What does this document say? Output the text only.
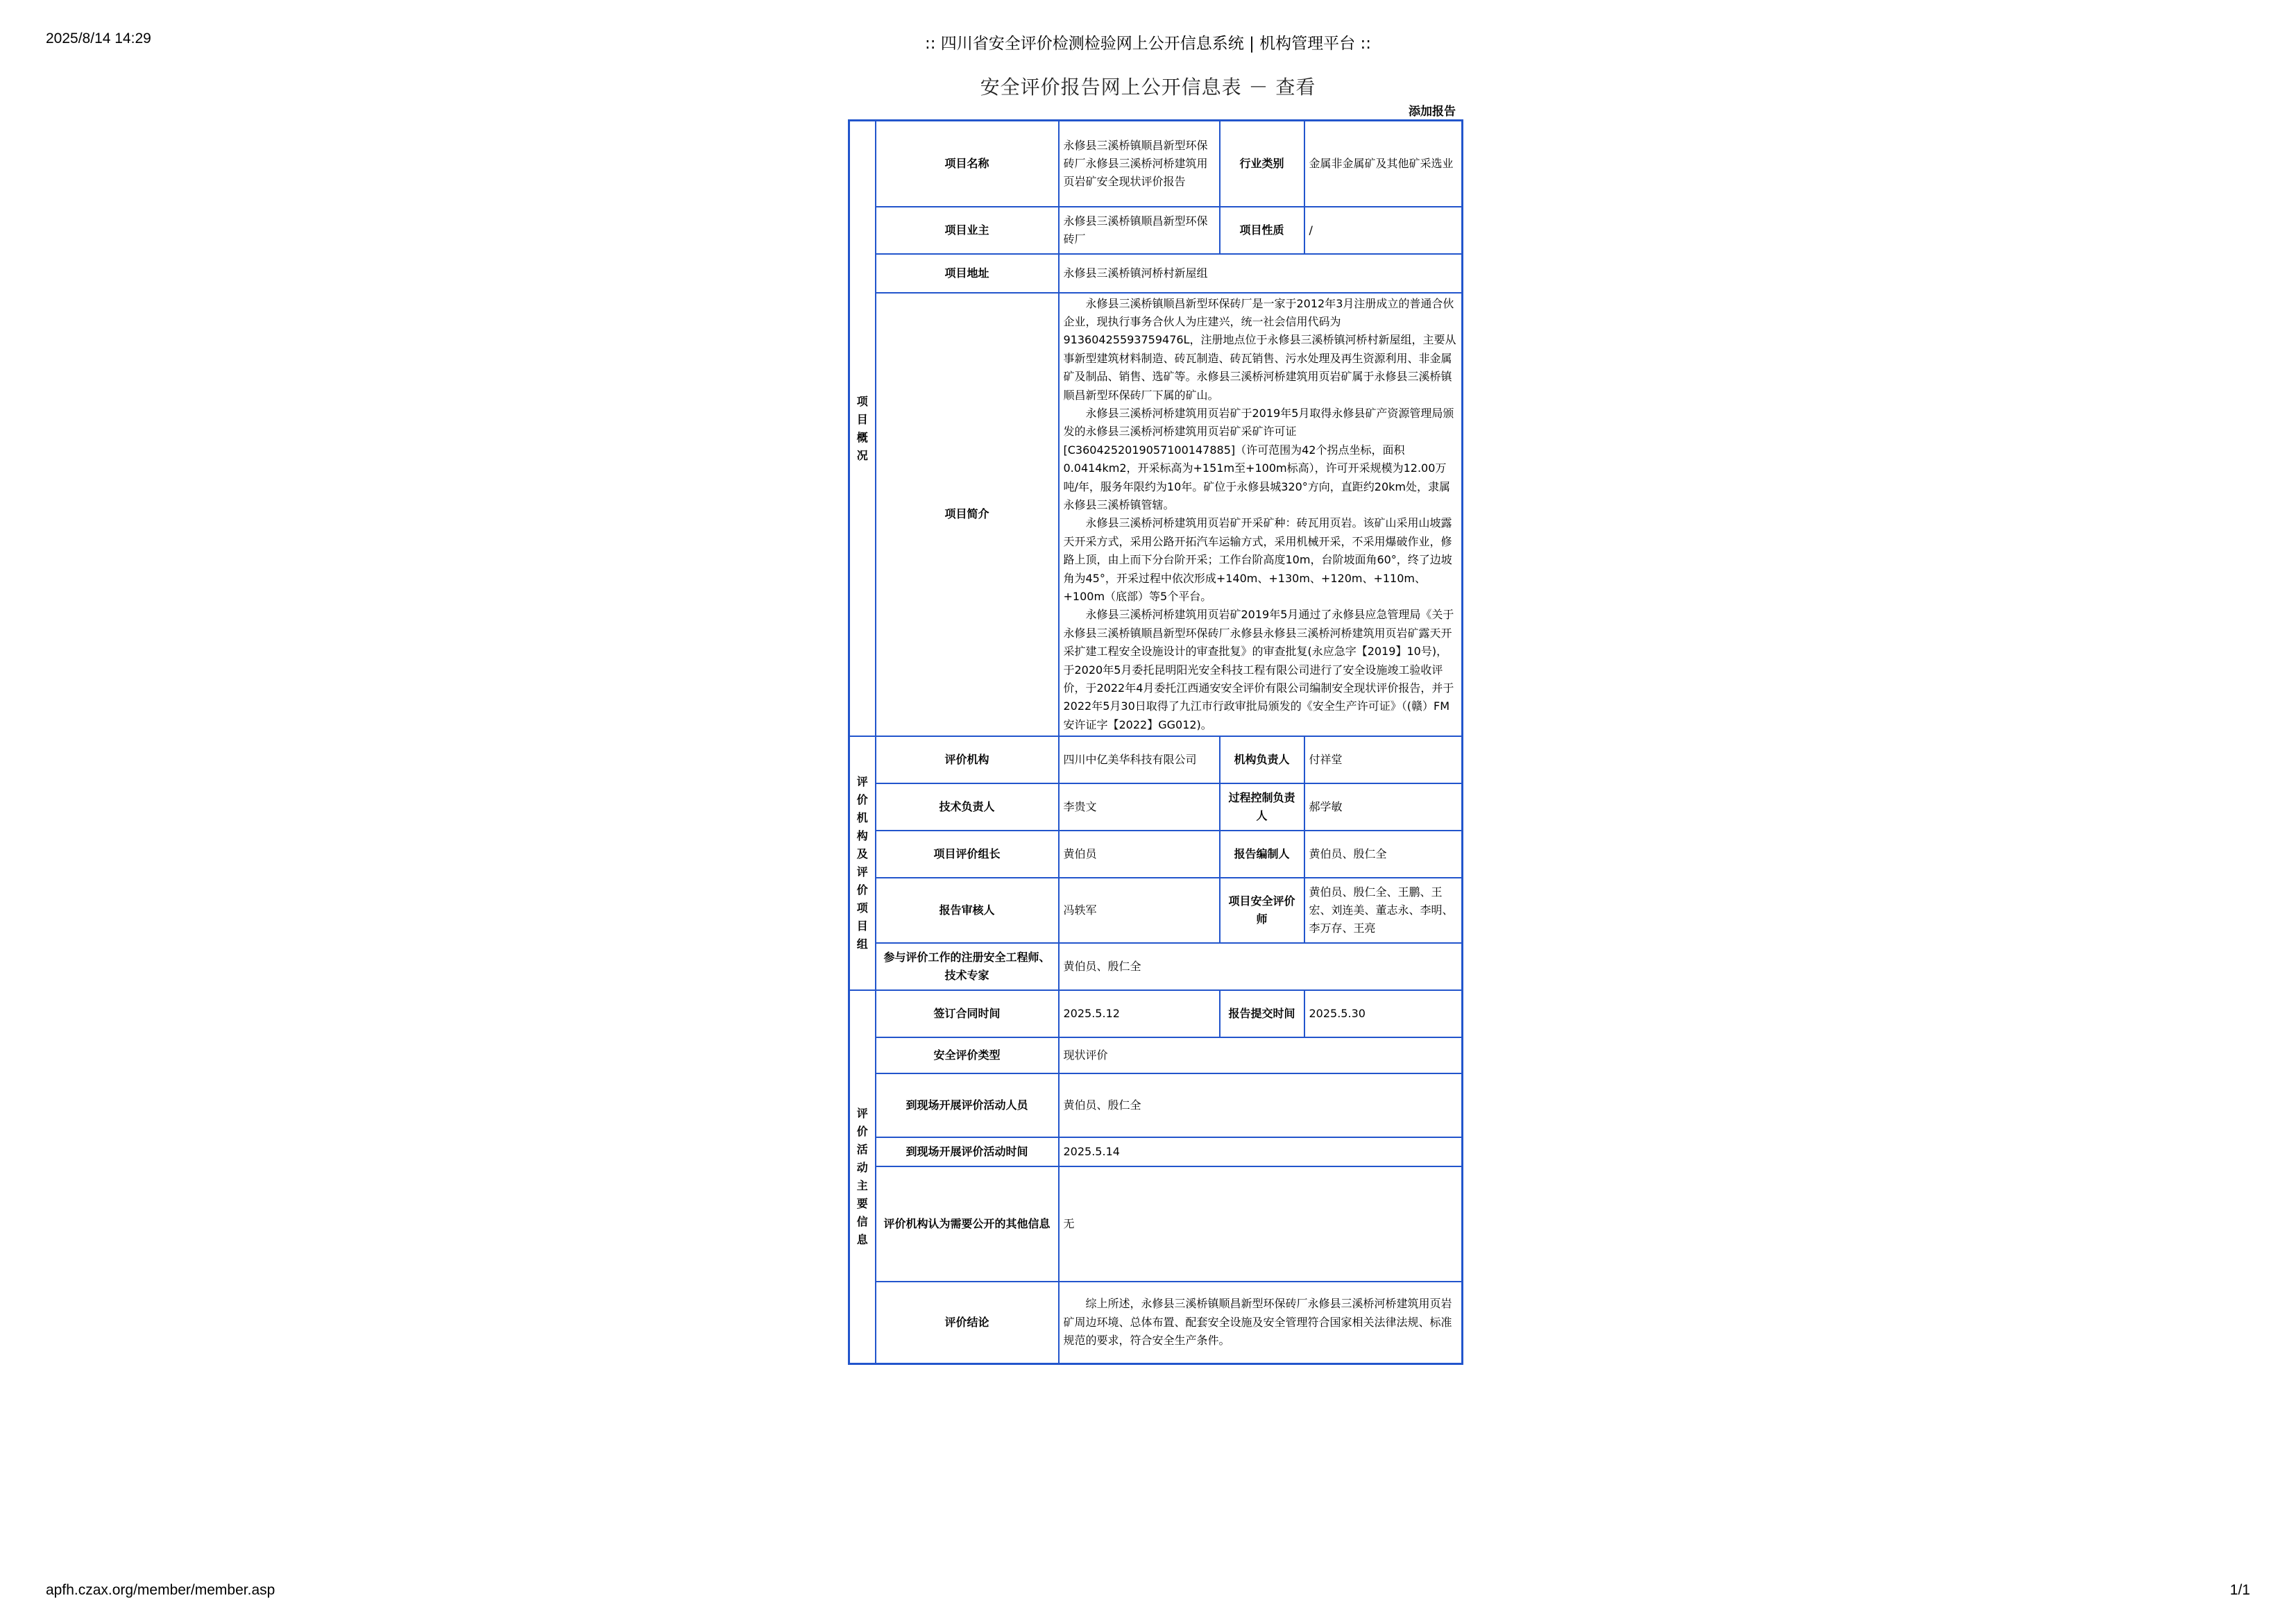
2025/8/14 14:29	:: 四川省安全评价检测检验网上公开信息系统 | 机构管理平台 ::
安全评价报告网上公开信息表 － 查看
添加报告
项目概况	项目名称	永修县三溪桥镇顺昌新型环保砖厂永修县三溪桥河桥建筑用页岩矿安全现状评价报告	行业类别	金属非金属矿及其他矿采选业
	项目业主	永修县三溪桥镇顺昌新型环保砖厂	项目性质	/
	项目地址	永修县三溪桥镇河桥村新屋组		
	项目简介	永修县三溪桥镇顺昌新型环保砖厂是一家于2012年3月注册成立的普通合伙企业，现执行事务合伙人为庄建兴，统一社会信用代码为91360425593759476L，注册地点位于永修县三溪桥镇河桥村新屋组，主要从事新型建筑材料制造、砖瓦制造、砖瓦销售、污水处理及再生资源利用、非金属矿及制品、销售、选矿等。永修县三溪桥河桥建筑用页岩矿属于永修县三溪桥镇顺昌新型环保砖厂下属的矿山。

永修县三溪桥河桥建筑用页岩矿于2019年5月取得永修县矿产资源管理局颁发的永修县三溪桥河桥建筑用页岩矿采矿许可证[C3604252019057100147885]（许可范围为42个拐点坐标，面积0.0414km2，开采标高为+151m至+100m标高），许可开采规模为12.00万吨/年，服务年限约为10年。矿位于永修县城320°方向，直距约20km处，隶属永修县三溪桥镇管辖。

永修县三溪桥河桥建筑用页岩矿开采矿种：砖瓦用页岩。该矿山采用山坡露天开采方式，采用公路开拓汽车运输方式，采用机械开采，不采用爆破作业，修路上顶，由上而下分台阶开采；工作台阶高度10m，台阶坡面角60°，终了边坡角为45°，开采过程中依次形成+140m、+130m、+120m、+110m、+100m（底部）等5个平台。

永修县三溪桥河桥建筑用页岩矿2019年5月通过了永修县应急管理局《关于永修县三溪桥镇顺昌新型环保砖厂永修县永修县三溪桥河桥建筑用页岩矿露天开采扩建工程安全设施设计的审查批复》的审查批复(永应急字【2019】10号)，于2020年5月委托昆明阳光安全科技工程有限公司进行了安全设施竣工验收评价，于2022年4月委托江西通安安全评价有限公司编制安全现状评价报告，并于2022年5月30日取得了九江市行政审批局颁发的《安全生产许可证》（(赣）FM安许证字【2022】GG012)。		

评价机构及评价项目组	评价机构	四川中亿美华科技有限公司	机构负责人	付祥堂
	技术负责人	李贵文	过程控制负责人	郝学敏
	项目评价组长	黄伯员	报告编制人	黄伯员、殷仁全
	报告审核人	冯轶军	项目安全评价师	黄伯员、殷仁全、王鹏、王宏、刘连美、董志永、李明、李万存、王亮
	参与评价工作的注册安全工程师、技术专家	黄伯员、殷仁全		

评价活动主要信息	签订合同时间	2025.5.12	报告提交时间	2025.5.30
	安全评价类型	现状评价		
	到现场开展评价活动人员	黄伯员、殷仁全		
	到现场开展评价活动时间	2025.5.14		
	评价机构认为需要公开的其他信息	无		
	评价结论	综上所述，永修县三溪桥镇顺昌新型环保砖厂永修县三溪桥河桥建筑用页岩矿周边环境、总体布置、配套安全设施及安全管理符合国家相关法律法规、标准规范的要求，符合安全生产条件。		

apfh.czax.org/member/member.asp	1/1
